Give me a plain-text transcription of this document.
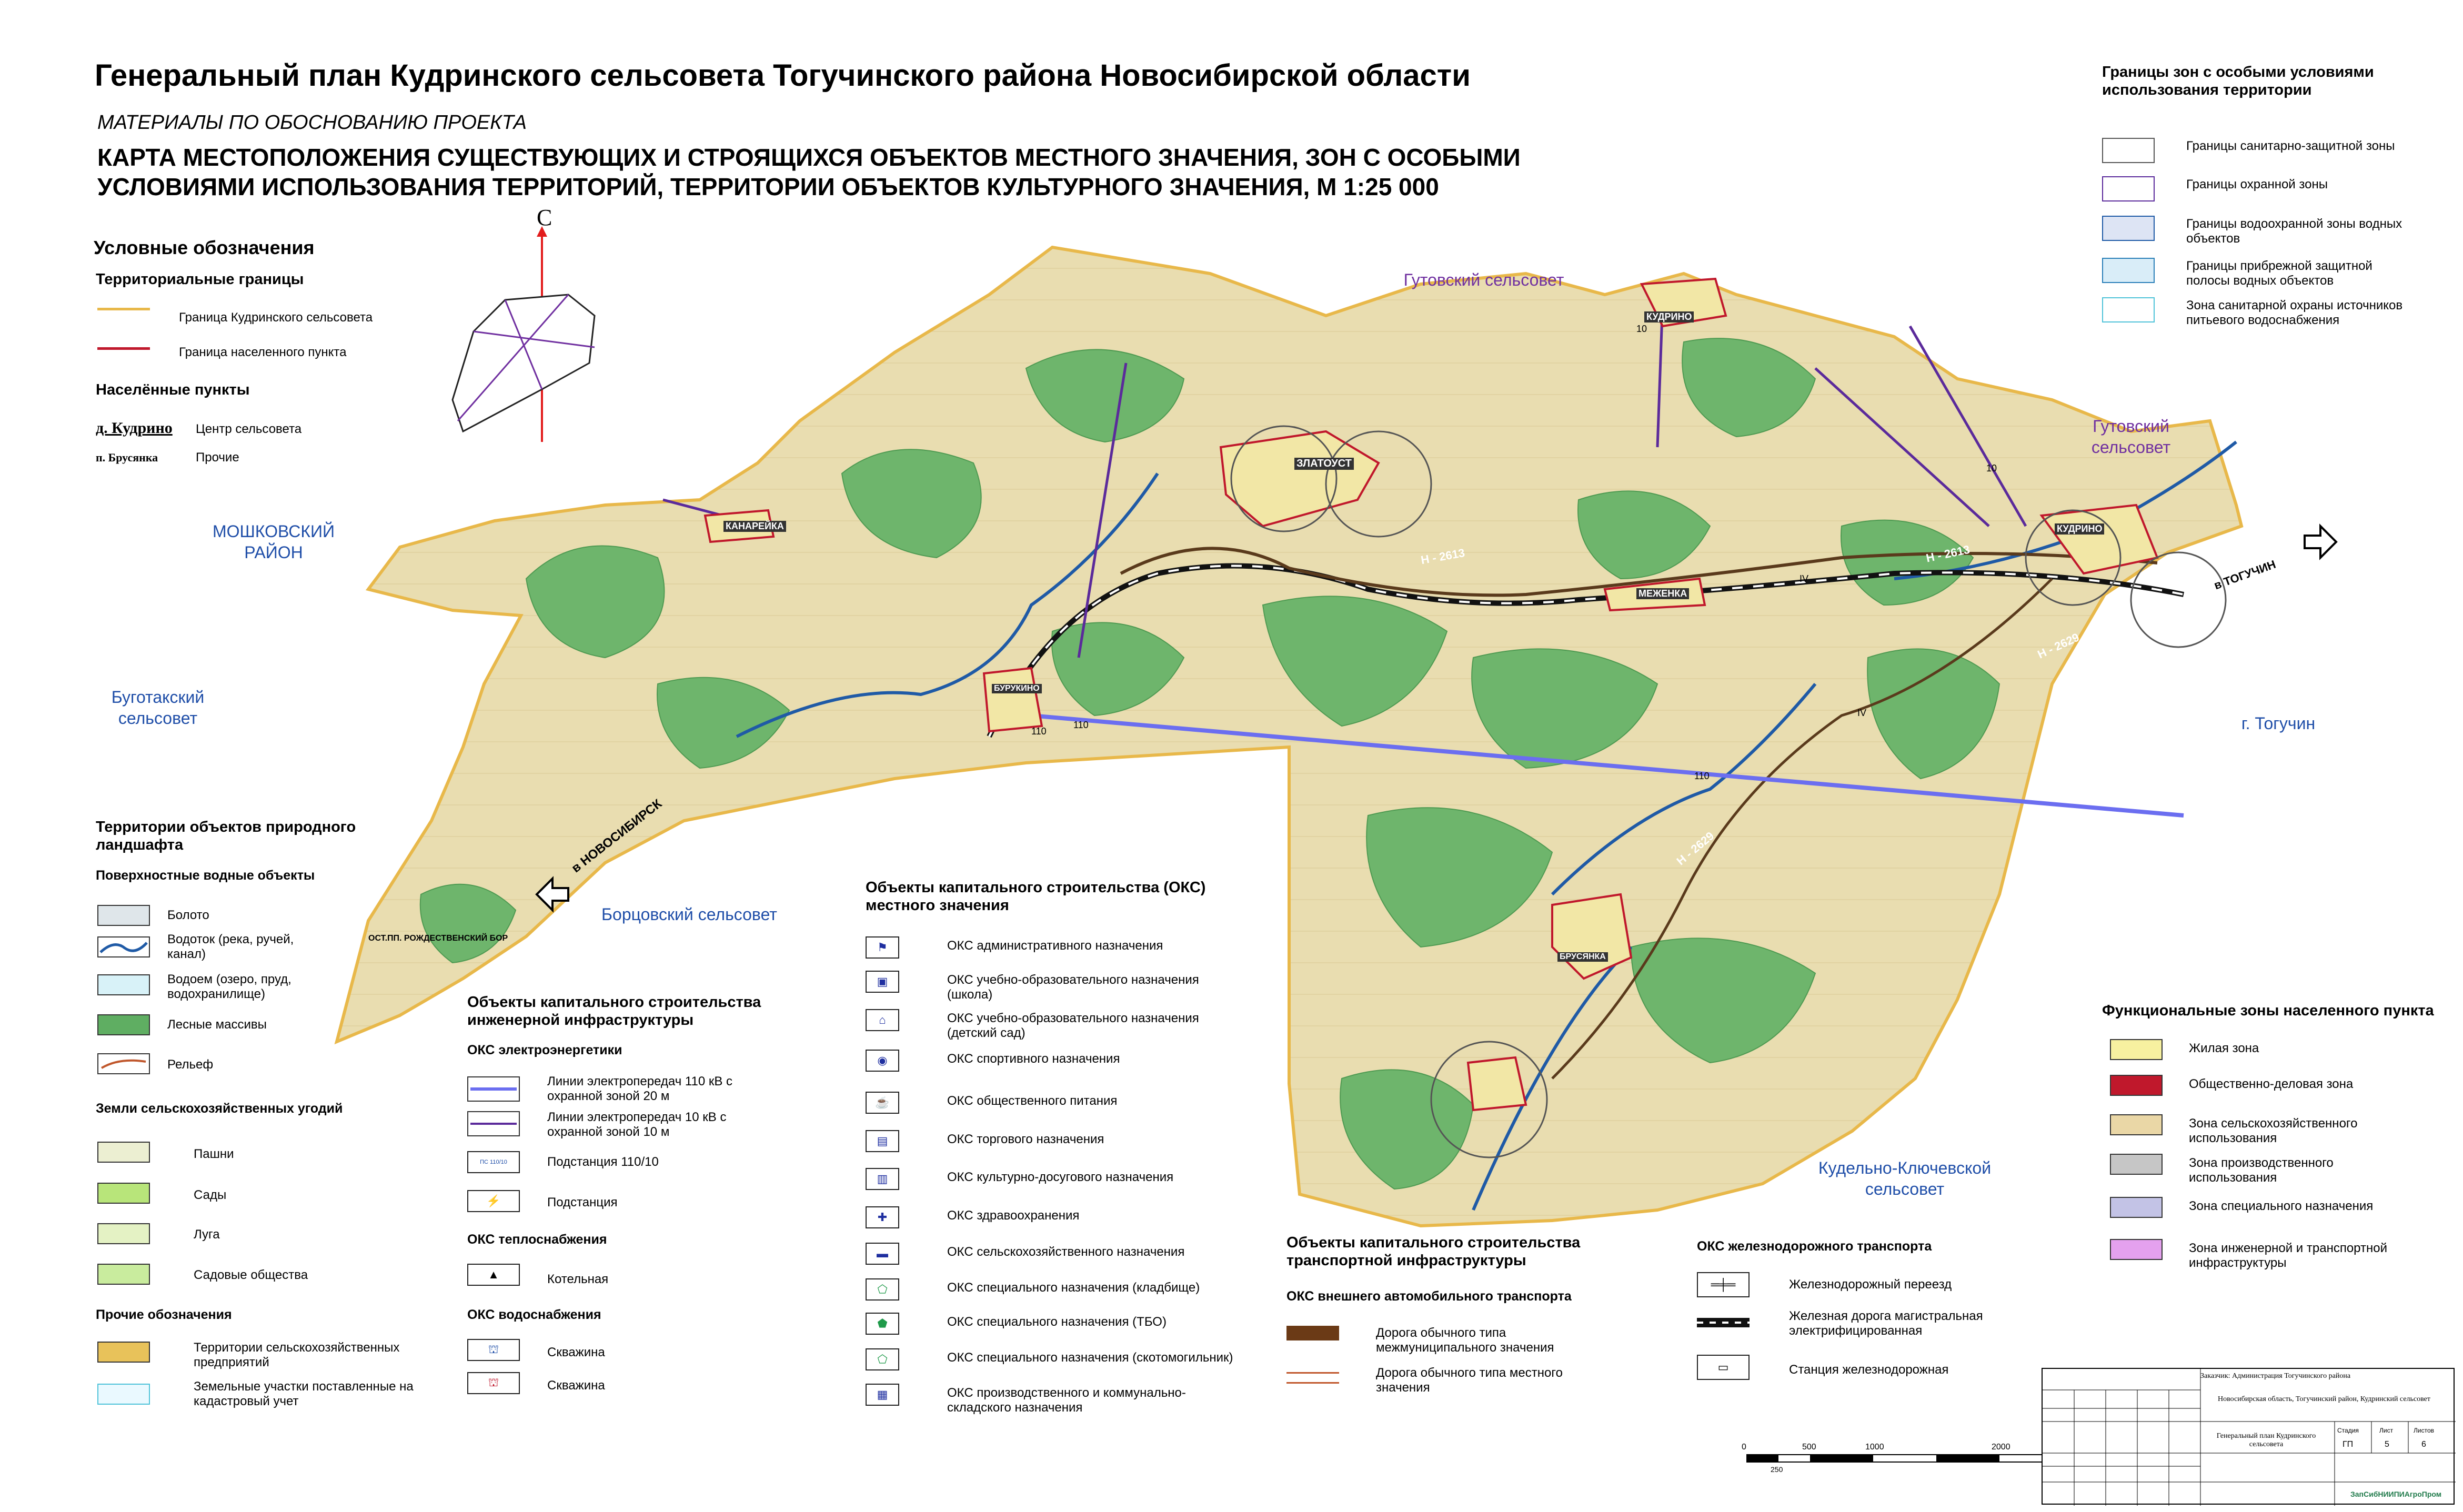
Генеральный план Кудринского сельсовета Тогучинского района Новосибирской области
МАТЕРИАЛЫ ПО ОБОСНОВАНИЮ ПРОЕКТА
КАРТА МЕСТОПОЛОЖЕНИЯ СУЩЕСТВУЮЩИХ И СТРОЯЩИХСЯ ОБЪЕКТОВ МЕСТНОГО ЗНАЧЕНИЯ, ЗОН С ОСОБЫМИ
УСЛОВИЯМИ ИСПОЛЬЗОВАНИЯ ТЕРРИТОРИЙ, ТЕРРИТОРИИ ОБЪЕКТОВ КУЛЬТУРНОГО ЗНАЧЕНИЯ, М 1:25 000
С
Условные обозначения
Территориальные границы
Граница Кудринского сельсовета
Граница населенного пункта
Населённые пункты
д. Кудрино Центр сельсовета
п. Брусянка	Прочие
Территории объектов природного ландшафта
Поверхностные водные объекты
Болото
Водоток (река, ручей, канал)
Водоем (озеро, пруд, водохранилище)
Лесные массивы
Рельеф
Земли сельскохозяйственных угодий
Пашни
Сады
Луга
Садовые общества
Прочие обозначения
Территории сельскохозяйственных предприятий
Земельные участки поставленные на кадастровый учет
Объекты капитального строительства инженерной инфраструктуры
ОКС электроэнергетики
Линии электропередач 110 кВ с охранной зоной 20 м
Линии электропередач 10 кВ с охранной зоной 10 м
ПС 110/10	Подстанция 110/10
⚡	Подстанция
ОКС теплоснабжения
▲	Котельная
ОКС водоснабжения
⛫	Скважина
⛫	Скважина
Объекты капитального строительства (ОКС) местного значения
⚑	ОКС административного назначения
▣	ОКС учебно-образовательного назначения (школа)
⌂	ОКС учебно-образовательного назначения (детский сад)
◉	ОКС спортивного назначения
☕	ОКС общественного питания
▤	ОКС торгового назначения
▥	ОКС культурно-досугового назначения
✚	ОКС здравоохранения
▬	ОКС сельскохозяйственного назначения
⬠	ОКС специального назначения (кладбище)
⬟	ОКС специального назначения (ТБО)
⬠	ОКС специального назначения (скотомогильник)
▦	ОКС производственного и коммунально-складского назначения
Объекты капитального строительства транспортной инфраструктуры
ОКС внешнего автомобильного транспорта
Дорога обычного типа межмуниципального значения
Дорога обычного типа местного значения
ОКС железнодорожного транспорта
═╪═	Железнодорожный переезд
Железная дорога магистральная электрифицированная
▭	Станция железнодорожная
Границы зон с особыми условиями использования территории
Границы санитарно-защитной зоны
Границы охранной зоны
Границы водоохранной зоны водных объектов
Границы прибрежной защитной полосы водных объектов
Зона санитарной охраны источников питьевого водоснабжения
Функциональные зоны населенного пункта
Жилая зона
Общественно-деловая зона
Зона сельскохозяйственного использования
Зона производственного использования
Зона специального назначения
Зона инженерной и транспортной инфраструктуры
Гутовский сельсовет
Гутовский сельсовет
МОШКОВСКИЙ РАЙОН
Буготакский сельсовет	г. Тогучин
Борцовский сельсовет
Кудельно-Ключевской сельсовет
КАНАРЕЙКА
ЗЛАТОУСТ
КУДРИНО
КУДРИНО
МЕЖЕНКА
БУРУКИНО
БРУСЯНКА
Н - 2613	Н - 2613
Н - 2629
Н - 2629
110
110
110
10
10
IV
IV
в НОВОСИБИРСК
в ТОГУЧИН
ОСТ.ПП. РОЖДЕСТВЕНСКИЙ БОР
0	500	1000	2000
250
Заказчик: Администрация Тогучинского района
Новосибирская область, Тогучинский район, Кудринский сельсовет
Генеральный план Кудринского сельсовета
Стадия	Лист	Листов
ГП	5	6
ЗапСибНИИПИАгроПром
